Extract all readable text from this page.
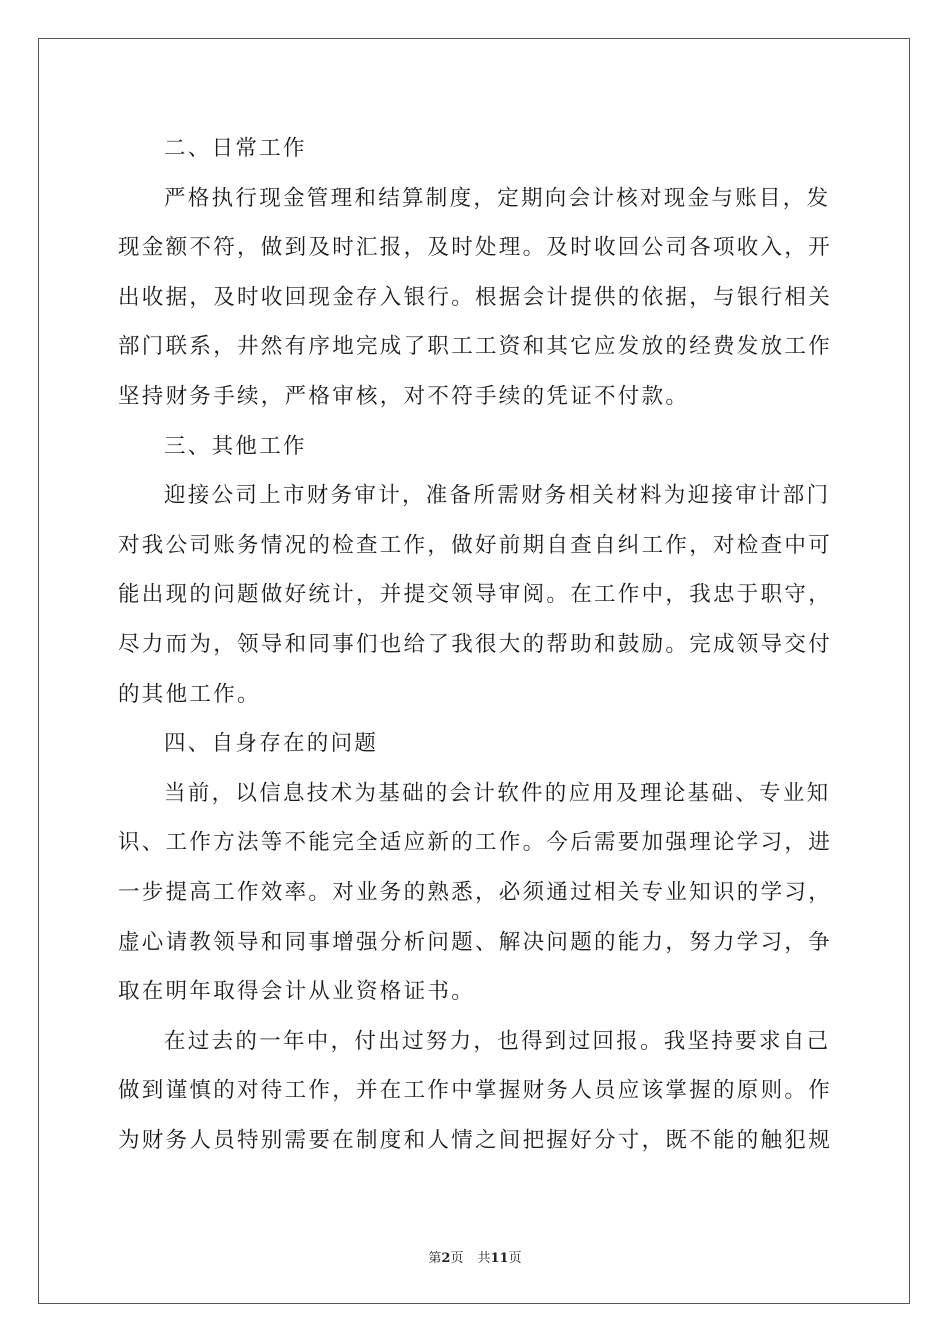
二、日常工作
严格执行现金管理和结算制度，定期向会计核对现金与账目，发
现金额不符，做到及时汇报，及时处理。及时收回公司各项收入，开
出收据，及时收回现金存入银行。根据会计提供的依据，与银行相关
部门联系，井然有序地完成了职工工资和其它应发放的经费发放工作
坚持财务手续，严格审核，对不符手续的凭证不付款。
三、其他工作
迎接公司上市财务审计，准备所需财务相关材料为迎接审计部门
对我公司账务情况的检查工作，做好前期自查自纠工作，对检查中可
能出现的问题做好统计，并提交领导审阅。在工作中，我忠于职守，
尽力而为，领导和同事们也给了我很大的帮助和鼓励。完成领导交付
的其他工作。
四、自身存在的问题
当前，以信息技术为基础的会计软件的应用及理论基础、专业知
识、工作方法等不能完全适应新的工作。今后需要加强理论学习，进
一步提高工作效率。对业务的熟悉，必须通过相关专业知识的学习，
虚心请教领导和同事增强分析问题、解决问题的能力，努力学习，争
取在明年取得会计从业资格证书。
在过去的一年中，付出过努力，也得到过回报。我坚持要求自己
做到谨慎的对待工作，并在工作中掌握财务人员应该掌握的原则。作
为财务人员特别需要在制度和人情之间把握好分寸，既不能的触犯规
第2页 共11页
